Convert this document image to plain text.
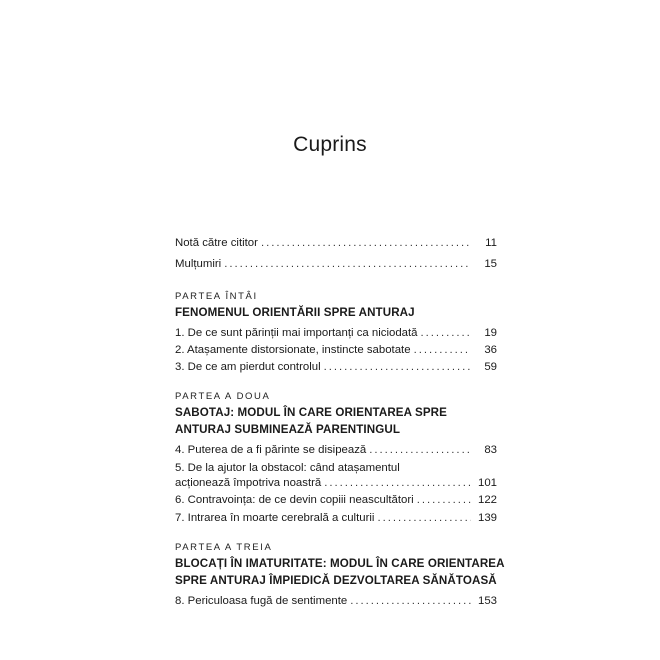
Cuprins
Notă către cititor . . .	11
Mulțumiri . . .	15
PARTEA ÎNTÂI
FENOMENUL ORIENTĂRII SPRE ANTURAJ
1. De ce sunt părinții mai importanți ca niciodată . . .	19
2. Atașamente distorsionate, instincte sabotate . . .	36
3. De ce am pierdut controlul . . .	59
PARTEA A DOUA
SABOTAJ: MODUL ÎN CARE ORIENTAREA SPRE ANTURAJ SUBMINEAZĂ PARENTINGUL
4. Puterea de a fi părinte se disipează . . .	83
5. De la ajutor la obstacol: când atașamentul
acționează împotriva noastră . . .	101
6. Contravoința: de ce devin copiii neascultători . . .	122
7. Intrarea în moarte cerebrală a culturii . . .	139
PARTEA A TREIA
BLOCAȚI ÎN IMATURITATE: MODUL ÎN CARE ORIENTAREA SPRE ANTURAJ ÎMPIEDICĂ DEZVOLTAREA SĂNĂTOASĂ
8. Periculoasa fugă de sentimente . . .	153
